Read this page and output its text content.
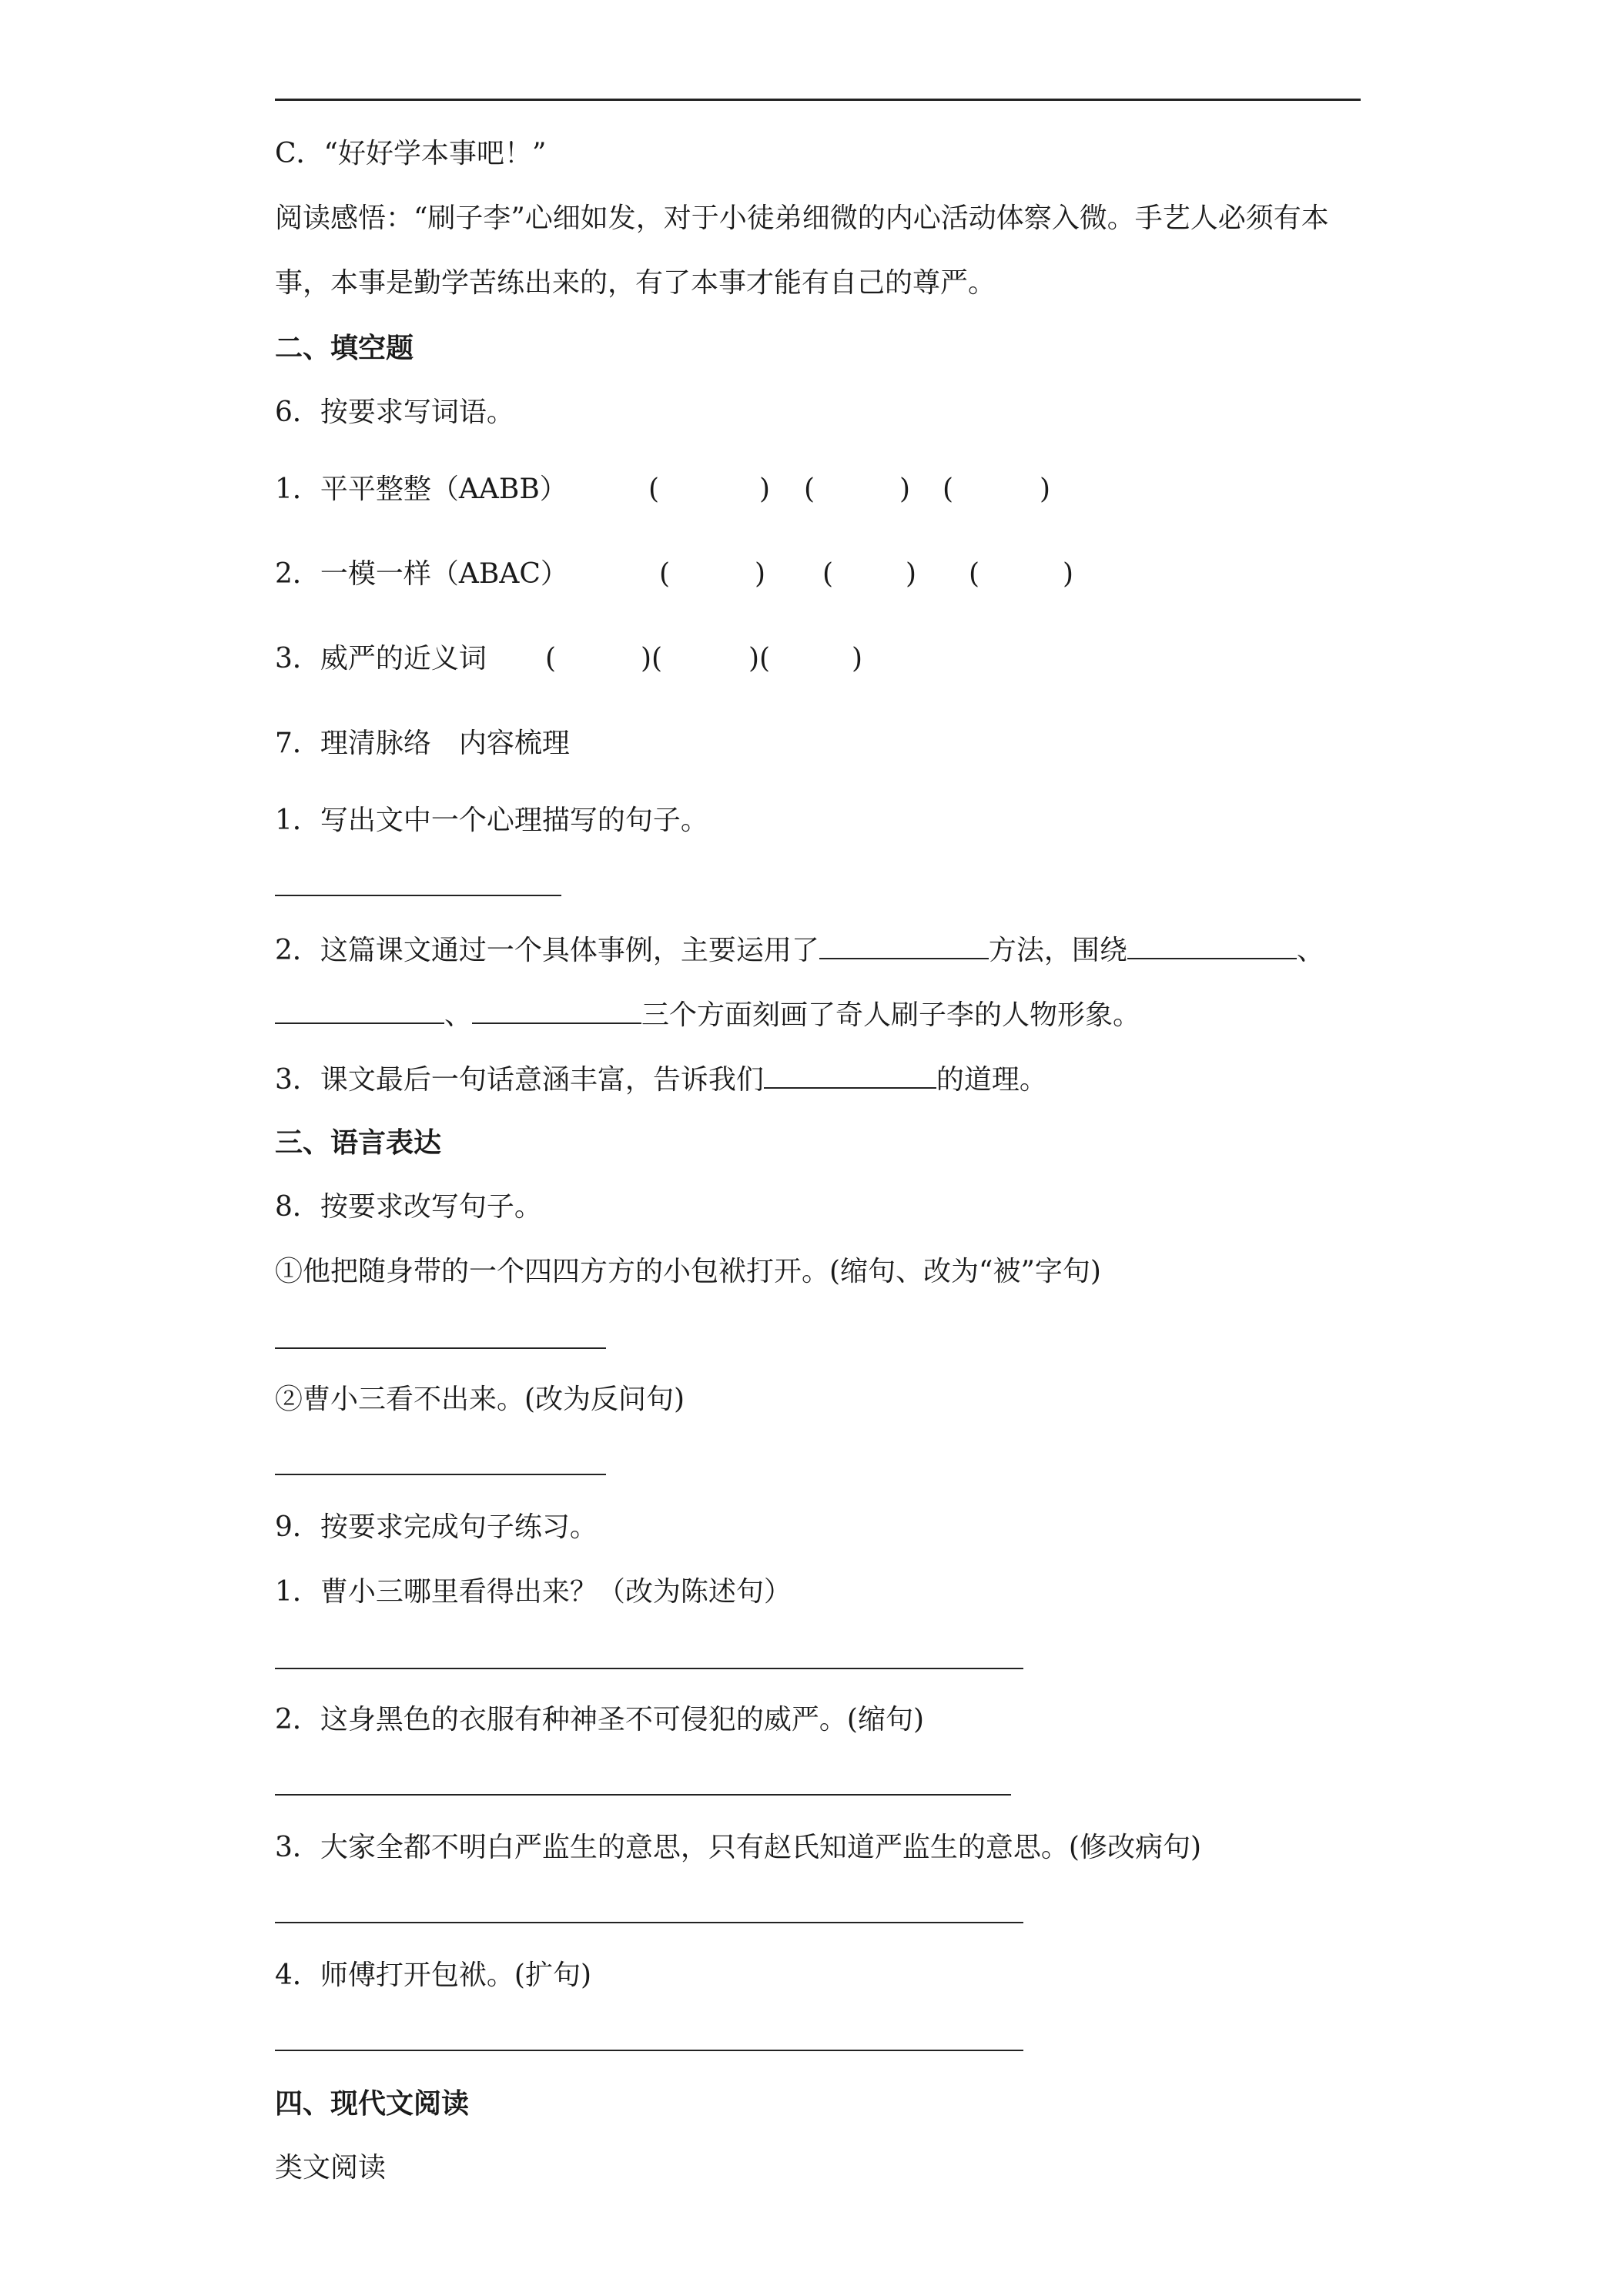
C．“好好学本事吧！”
阅读感悟：“刷子李”心细如发，对于小徒弟细微的内心活动体察入微。手艺人必须有本
事，本事是勤学苦练出来的，有了本事才能有自己的尊严。
二、填空题
6．按要求写词语。
1．平平整整（AABB）	(	) (	) (	)
2．一模一样（ABAC）	(	) (	) (	)
3．威严的近义词 (	)(	)(	)
7．理清脉络　内容梳理
1．写出文中一个心理描写的句子。
2．这篇课文通过一个具体事例，主要运用了	方法，围绕	、
、	三个方面刻画了奇人刷子李的人物形象。
3．课文最后一句话意涵丰富，告诉我们	的道理。
三、语言表达
8．按要求改写句子。
①他把随身带的一个四四方方的小包袱打开。(缩句、改为“被”字句)
②曹小三看不出来。(改为反问句)
9．按要求完成句子练习。
1．曹小三哪里看得出来？（改为陈述句）
2．这身黑色的衣服有种神圣不可侵犯的威严。(缩句)
3．大家全都不明白严监生的意思，只有赵氏知道严监生的意思。(修改病句)
4．师傅打开包袱。(扩句)
四、现代文阅读
类文阅读
